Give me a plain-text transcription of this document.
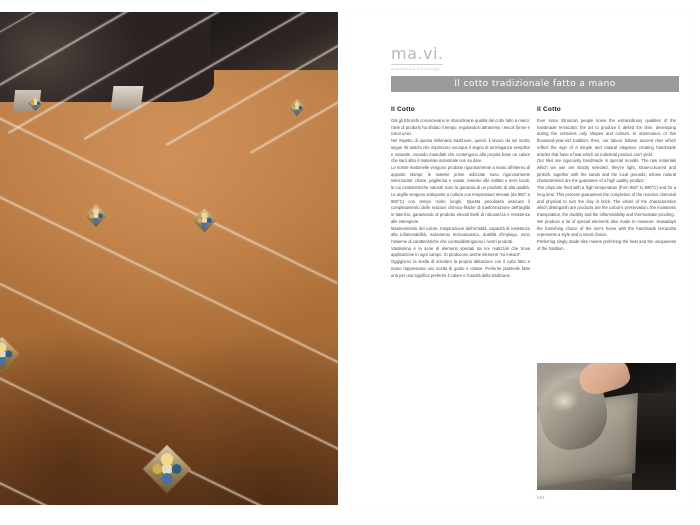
ma.vi.
manifattura vietrinaggi
Il cotto tradizionale fatto a mano
Il Cotto

Già gli Etruschi conoscevano le straordinarie qualità del cotto fatto a mano: l'arte di produrlo ha sfidato il tempo, regolandosi attraverso i secoli forme e colori unici.

Nel rispetto di questa millenaria tradizione, quindi, il lavoro da noi svolto segue riti antichi che imprimono ovunque il segno di un'eleganza semplice e naturale, creando manufatti che contengono alla propria base un calore che sarò altro il materiale industriale non sa dare.

Le nostre mattonelle vengono prodotte rigorosamente a mano all'interno di appositi stampi; le materie prime utilizzate sono rigorosamente selezionate: chiare, paglierina e rosate, insieme alle sabbie e terre locali, le cui caratteristiche naturali sono la garanzia di un prodotto di alta qualità. Le argille vengono sottoposte a cottura con temperature elevate (da 950° a 980°C) con tempo molto lunghi. Questa peculiarità assicura il completamento delle reazioni chimico-fisiche di trasformazione dell'argilla in laterizio, garantendo al prodotto elevati livelli di robustezza e resistenza alle intemperie.

Mantenimento del colore, traspirazione dell'umidità, capacità di resistenza alla infiammabilità, isolamento termoacustico, duttilità d'impiego, sono l'insieme di caratteristiche che contraddistinguono i nostri prodotti.

Vastissima è la serie di elementi speciali da noi realizzati che trova applicazione in ogni campo. Si producono anche elementi "su misura".

Oggigiorno la scelta di arredare la propria abitazione con il cotto fatto a mano rappresenta uno scelta di gusto e classe. Preferire piastrelle fatte una per una significa preferire il calore e l'unicità della tradizione.

Il Cotto

Ever since Etruscan people knew the extraordinary qualities of the handmade terracotta: the art to produce it defied the time, developing during the centuries only shapes and colours. In observance of this thousand-year-old tradition, then, our labour follows ancient rites which reflect the sign of a simple and natural elegance creating handmade articles that have a heat which an industrial product can't yield.

Our tiles are rigorously handmade in special moulds. The raw materials which we use are strictly selected, they're light, straw-coloured and pinkish, together with the sands and the local grounds, whose natural characteristics are the guarantee of a high quality product.

The clays are fired with a high temperature (from 950° to 980°C) and for a long time. This process guarantees the completion of the reaction chemical and physical to turn the clay in brick. The whole of the characteristics which distinguish are products are the colour's preservation, the moistness transpiration, the ductility and the inflammability and thermostatic-proofing.

We produce a lot of special elements also made to measure. Nowadays the furnishing choice of the one's home with the handmade terracotta represents a style and a smart choice.

Preferring singly made tiles means preferring the heat and the uniqueness of the tradition.

184
